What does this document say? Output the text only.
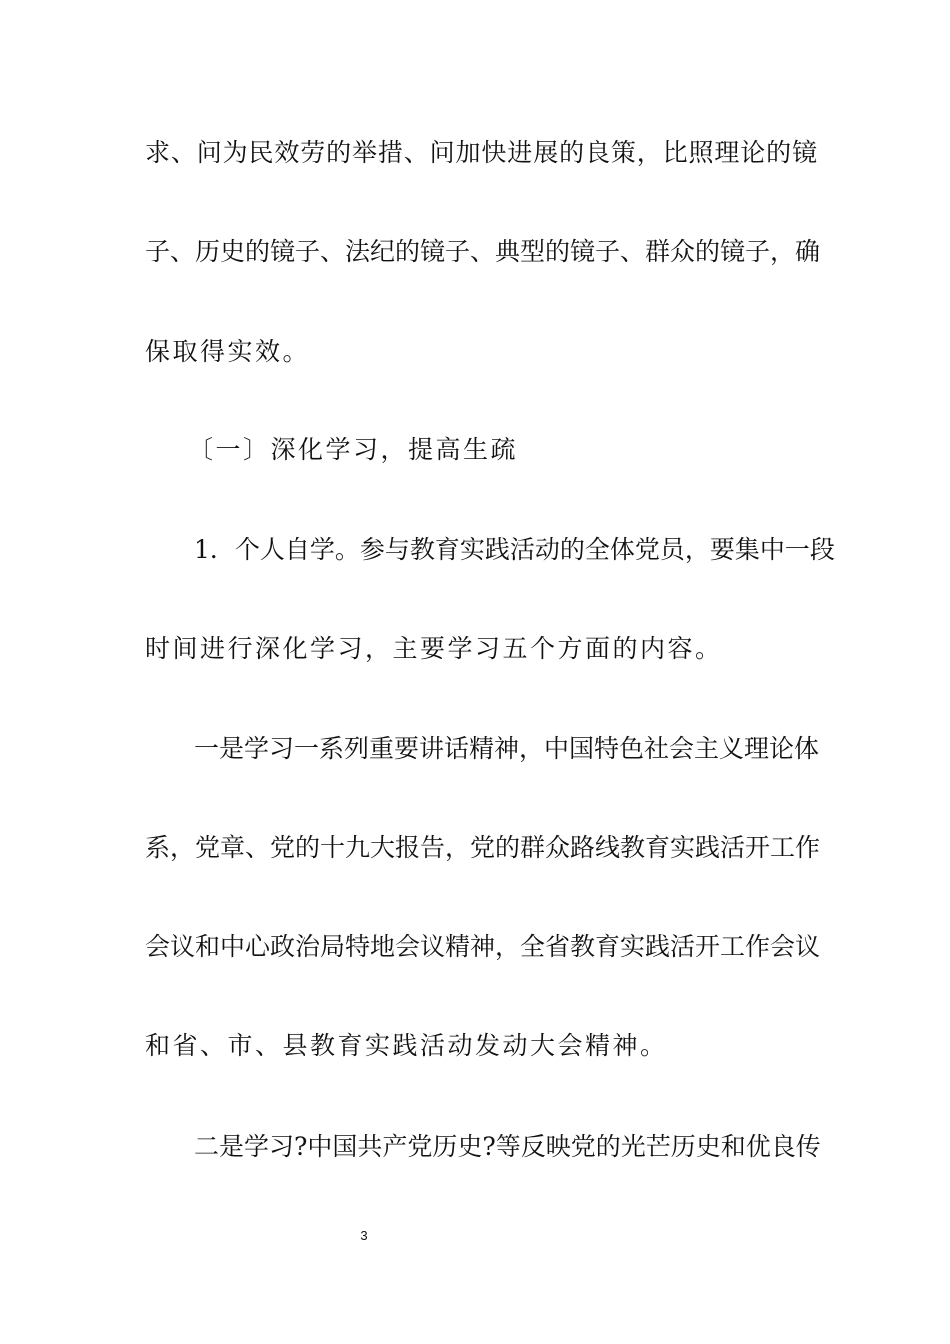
求、问为民效劳的举措、问加快进展的良策，比照理论的镜
子、历史的镜子、法纪的镜子、典型的镜子、群众的镜子，确
保取得实效。
〔一〕深化学习，提高生疏
1．个人自学。参与教育实践活动的全体党员，要集中一段
时间进行深化学习，主要学习五个方面的内容。
一是学习一系列重要讲话精神，中国特色社会主义理论体
系，党章、党的十九大报告，党的群众路线教育实践活开工作
会议和中心政治局特地会议精神，全省教育实践活开工作会议
和省、市、县教育实践活动发动大会精神。
二是学习?中国共产党历史?等反映党的光芒历史和优良传
3
